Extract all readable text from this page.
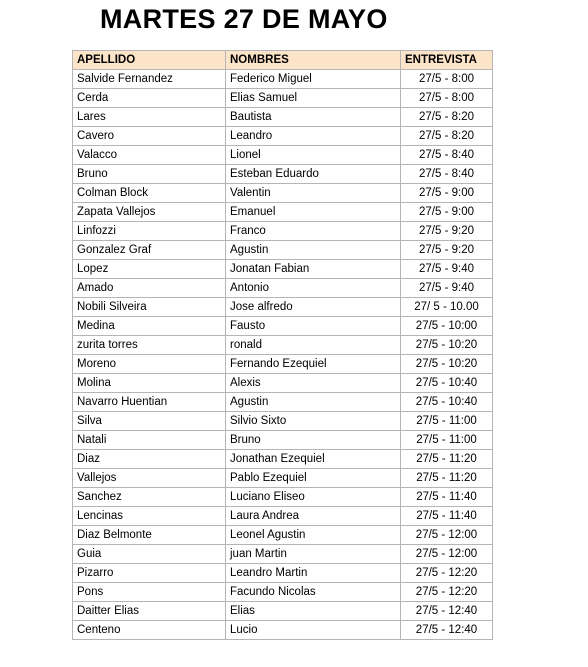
MARTES 27 DE MAYO
APELLIDO	NOMBRES	ENTREVISTA
Salvide Fernandez	Federico Miguel	27/5 - 8:00
Cerda	Elias Samuel	27/5 - 8:00
Lares	Bautista	27/5 - 8:20
Cavero	Leandro	27/5 - 8:20
Valacco	Lionel	27/5 - 8:40
Bruno	Esteban Eduardo	27/5 - 8:40
Colman Block	Valentin	27/5 - 9:00
Zapata Vallejos	Emanuel	27/5 - 9:00
Linfozzi	Franco	27/5 - 9:20
Gonzalez Graf	Agustin	27/5 - 9:20
Lopez	Jonatan Fabian	27/5 - 9:40
Amado	Antonio	27/5 - 9:40
Nobili Silveira	Jose alfredo	27/ 5 - 10.00
Medina	Fausto	27/5 - 10:00
zurita torres	ronald	27/5 - 10:20
Moreno	Fernando Ezequiel	27/5 - 10:20
Molina	Alexis	27/5 - 10:40
Navarro Huentian	Agustin	27/5 - 10:40
Silva	Silvio Sixto	27/5 - 11:00
Natali	Bruno	27/5 - 11:00
Diaz	Jonathan Ezequiel	27/5 - 11:20
Vallejos	Pablo Ezequiel	27/5 - 11:20
Sanchez	Luciano Eliseo	27/5 - 11:40
Lencinas	Laura Andrea	27/5 - 11:40
Diaz Belmonte	Leonel Agustin	27/5 - 12:00
Guia	juan Martin	27/5 - 12:00
Pizarro	Leandro Martin	27/5 - 12:20
Pons	Facundo Nicolas	27/5 - 12:20
Daitter Elias	Elias	27/5 - 12:40
Centeno	Lucio	27/5 - 12:40
